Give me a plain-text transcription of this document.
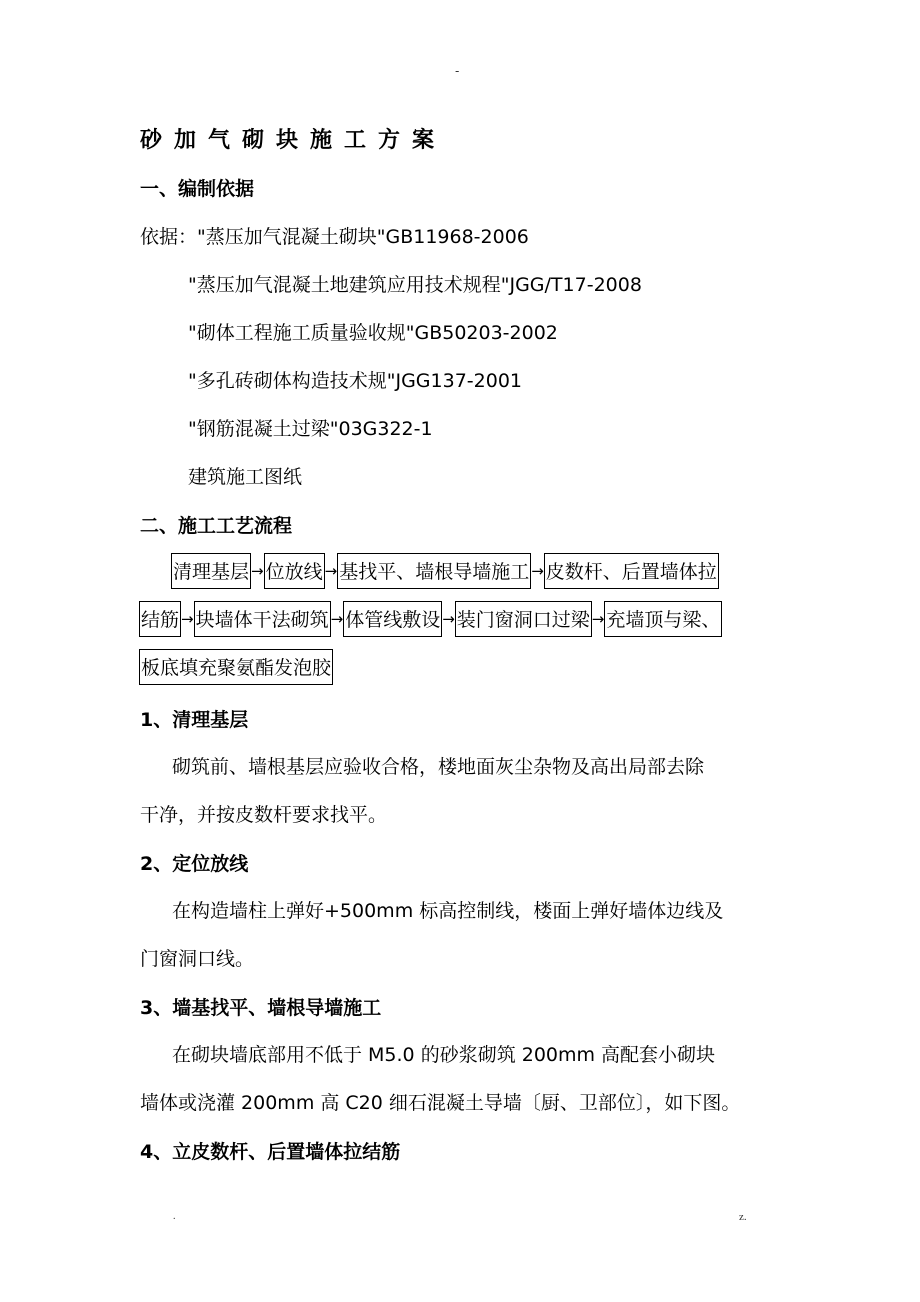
-
砂加气砌块施工方案
一、编制依据
依据："蒸压加气混凝土砌块"GB11968-2006
"蒸压加气混凝土地建筑应用技术规程"JGG/T17-2008
"砌体工程施工质量验收规"GB50203-2002
"多孔砖砌体构造技术规"JGG137-2001
"钢筋混凝土过梁"03G322-1
建筑施工图纸
二、施工工艺流程
清理基层 → 位放线 → 基找平、墙根导墙施工 → 皮数杆、后置墙体拉
结筋 → 块墙体干法砌筑 → 体管线敷设 → 装门窗洞口过梁 → 充墙顶与梁、
板底填充聚氨酯发泡胶
1、清理基层
砌筑前、墙根基层应验收合格，楼地面灰尘杂物及高出局部去除
干净，并按皮数杆要求找平。
2、定位放线
在构造墙柱上弹好+500mm 标高控制线，楼面上弹好墙体边线及
门窗洞口线。
3、墙基找平、墙根导墙施工
在砌块墙底部用不低于 M5.0 的砂浆砌筑 200mm 高配套小砌块
墙体或浇灌 200mm 高 C20 细石混凝土导墙〔厨、卫部位〕，如下图。
4、立皮数杆、后置墙体拉结筋
.	z.
